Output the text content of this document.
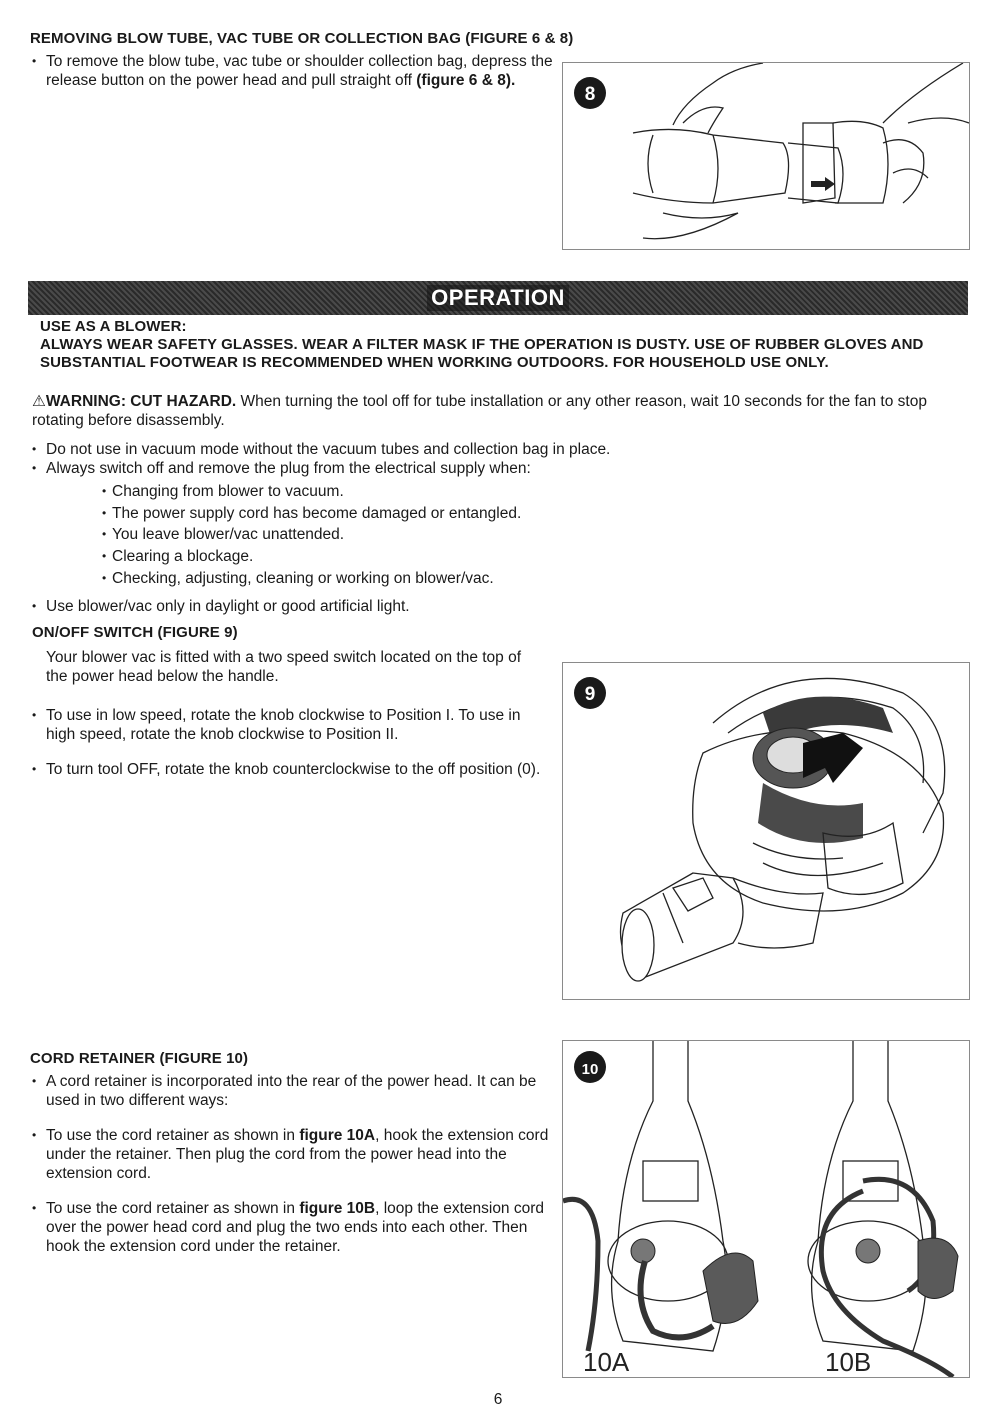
REMOVING BLOW TUBE, VAC TUBE OR COLLECTION BAG (FIGURE 6 & 8)
• To remove the blow tube, vac tube or shoulder collection bag, depress the release button on the power head and pull straight off (figure 6 & 8).
8
OPERATION
USE AS A BLOWER:
ALWAYS WEAR SAFETY GLASSES. WEAR A FILTER MASK IF THE OPERATION IS DUSTY. USE OF RUBBER GLOVES AND SUBSTANTIAL FOOTWEAR IS RECOMMENDED WHEN WORKING OUTDOORS. FOR HOUSEHOLD USE ONLY.
⚠WARNING: CUT HAZARD. When turning the tool off for tube installation or any other reason, wait 10 seconds for the fan to stop rotating before disassembly.
• Do not use in vacuum mode without the vacuum tubes and collection bag in place.
• Always switch off and remove the plug from the electrical supply when:
• Changing from blower to vacuum.
• The power supply cord has become damaged or entangled.
• You leave blower/vac unattended.
• Clearing a blockage.
• Checking, adjusting, cleaning or working on blower/vac.
• Use blower/vac only in daylight or good artificial light.
ON/OFF SWITCH (FIGURE 9)
Your blower vac is fitted with a two speed switch located on the top of the power head below the handle.
• To use in low speed, rotate the knob clockwise to Position I. To use in high speed, rotate the knob clockwise to Position II.
• To turn tool OFF, rotate the knob counterclockwise to the off position (0).
9
CORD RETAINER (FIGURE 10)
• A cord retainer is incorporated into the rear of the power head. It can be used in two different ways:
• To use the cord retainer as shown in figure 10A, hook the extension cord under the retainer. Then plug the cord from the power head into the extension cord.
• To use the cord retainer as shown in figure 10B, loop the extension cord over the power head cord and plug the two ends into each other. Then hook the extension cord under the retainer.
10
10A	10B
6
